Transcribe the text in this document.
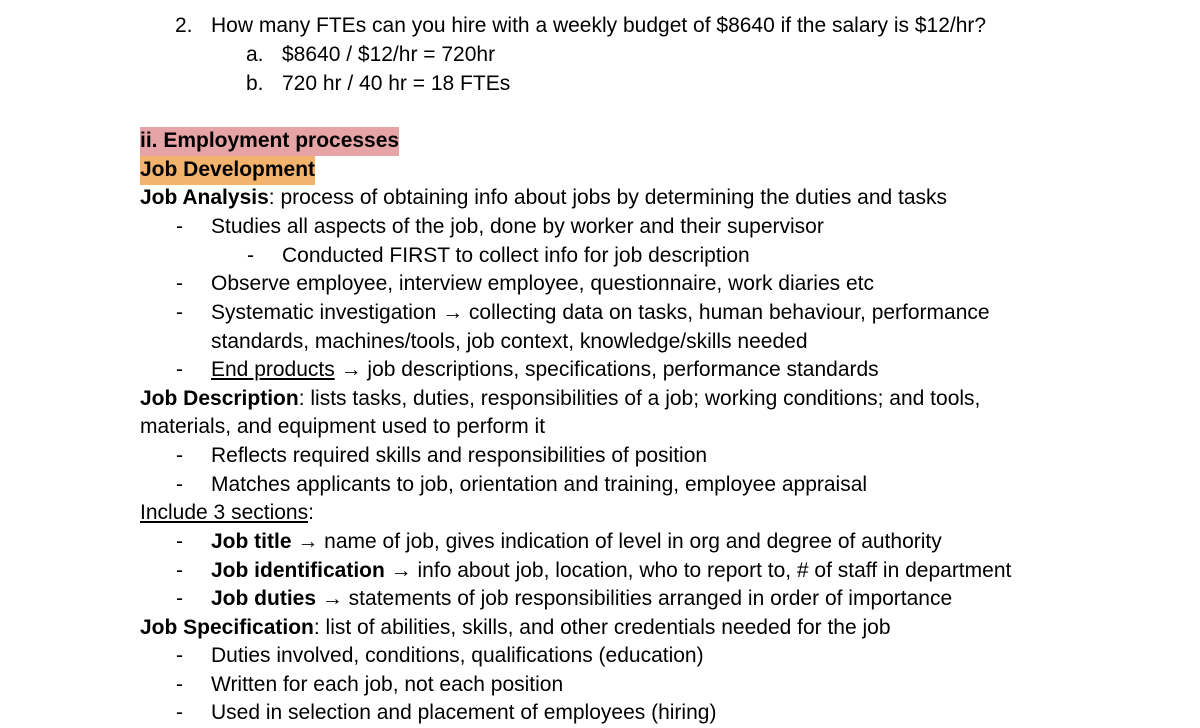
2. How many FTEs can you hire with a weekly budget of $8640 if the salary is $12/hr?
a. $8640 / $12/hr = 720hr
b. 720 hr / 40 hr = 18 FTEs
ii. Employment processes
Job Development
Job Analysis: process of obtaining info about jobs by determining the duties and tasks
- Studies all aspects of the job, done by worker and their supervisor
- Conducted FIRST to collect info for job description
- Observe employee, interview employee, questionnaire, work diaries etc
- Systematic investigation → collecting data on tasks, human behaviour, performance
standards, machines/tools, job context, knowledge/skills needed
- End products → job descriptions, specifications, performance standards
Job Description: lists tasks, duties, responsibilities of a job; working conditions; and tools,
materials, and equipment used to perform it
- Reflects required skills and responsibilities of position
- Matches applicants to job, orientation and training, employee appraisal
Include 3 sections:
- Job title → name of job, gives indication of level in org and degree of authority
- Job identification → info about job, location, who to report to, # of staff in department
- Job duties → statements of job responsibilities arranged in order of importance
Job Specification: list of abilities, skills, and other credentials needed for the job
- Duties involved, conditions, qualifications (education)
- Written for each job, not each position
- Used in selection and placement of employees (hiring)
